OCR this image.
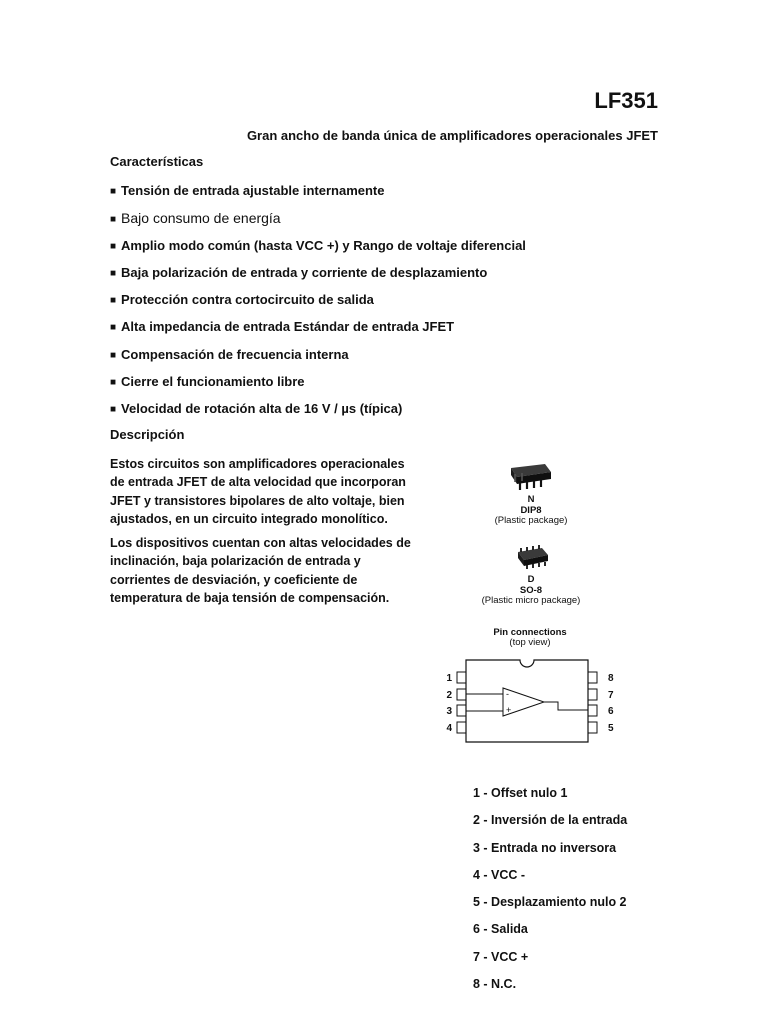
LF351

Gran ancho de banda única de amplificadores operacionales JFET

Características

■ Tensión de entrada ajustable internamente
■ Bajo consumo de energía
■ Amplio modo común (hasta VCC +) y Rango de voltaje diferencial
■ Baja polarización de entrada y corriente de desplazamiento
■ Protección contra cortocircuito de salida
■ Alta impedancia de entrada Estándar de entrada JFET
■ Compensación de frecuencia interna
■ Cierre el funcionamiento libre
■ Velocidad de rotación alta de 16 V / µs (típica)

Descripción

Estos circuitos son amplificadores operacionales de entrada JFET de alta velocidad que incorporan JFET y transistores bipolares de alto voltaje, bien ajustados, en un circuito integrado monolítico.

Los dispositivos cuentan con altas velocidades de inclinación, baja polarización de entrada y corrientes de desviación, y coeficiente de temperatura de baja tensión de compensación.

N
DIP8
(Plastic package)
D
SO-8
(Plastic micro package)
Pin connections
(top view)
1
2
3
4
8
7
6
5
-
+
1 - Offset nulo 1
2 - Inversión de la entrada
3 - Entrada no inversora
4 - VCC -
5 - Desplazamiento nulo 2
6 - Salida
7 - VCC +
8 - N.C.
